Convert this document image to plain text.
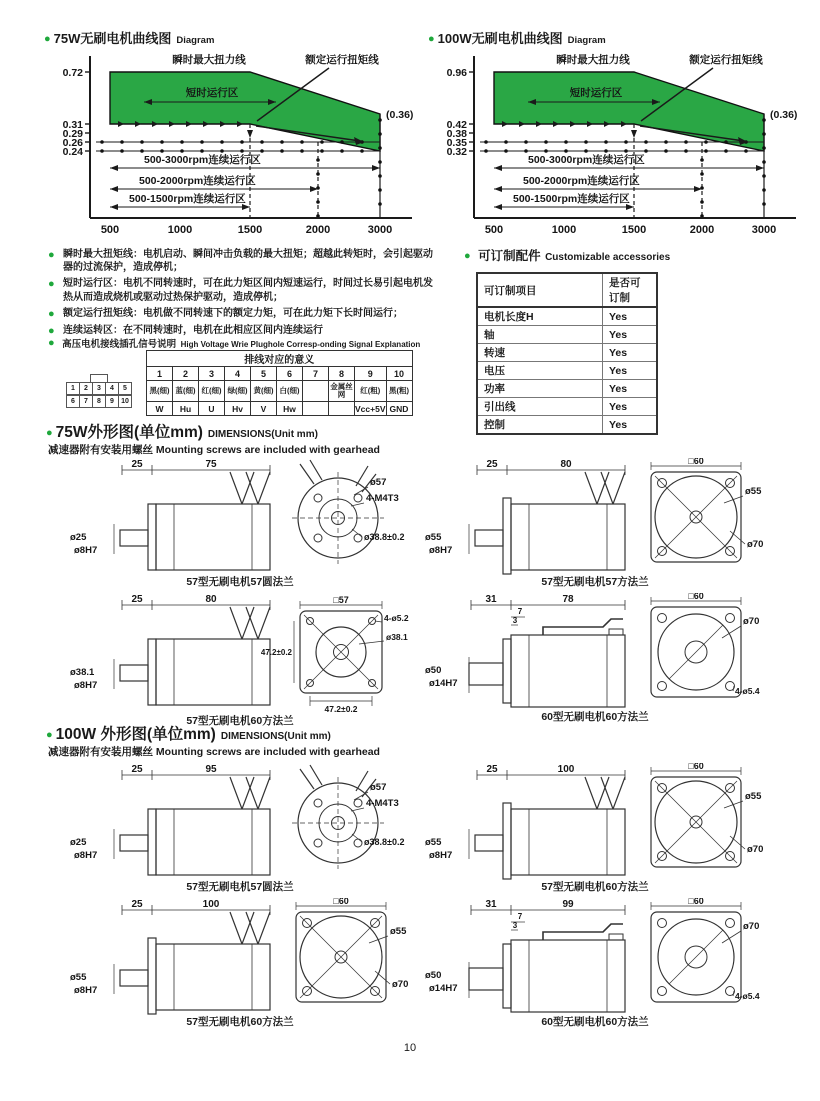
● 75W无刷电机曲线图 Diagram
500-3000rpm连续运行区
500-2000rpm连续运行区
500-1500rpm连续运行区
0.72
0.31
0.29
0.26
0.24
500	1000	1500	2000	3000
瞬时最大扭力线
短时运行区
额定运行扭矩线
(0.36)
● 100W无刷电机曲线图 Diagram
500-3000rpm连续运行区
500-2000rpm连续运行区
500-1500rpm连续运行区
0.96
0.42
0.38
0.35
0.32
500	1000	1500	2000	3000
瞬时最大扭力线
短时运行区
额定运行扭矩线
(0.36)
● 瞬时最大扭矩线：电机启动、瞬间冲击负载的最大扭矩；超越此转矩时，会引起驱动器的过流保护，造成停机；
● 短时运行区：电机不同转速时，可在此力矩区间内短速运行，时间过长易引起电机发热从而造成烧机或驱动过热保护驱动，造成停机；
● 额定运行扭矩线：电机做不同转速下的额定力矩，可在此力矩下长时间运行；
● 连续运转区：在不同转速时，电机在此相应区间内连续运行
● 高压电机接线插孔信号说明 High Voltage Wrie Plughole Corresp-onding Signal Explanation
1	2	3	4	5
6	7	8	9	10
排线对应的意义									
1	2	3	4	5	6	7	8	9	10
黑(细)	蓝(细)	红(细)	绿(细)	黄(细)	白(细)		金属丝网	红(粗)	黑(粗)
W	Hu	U	Hv	V	Hw			Vcc+5V	GND
● 可订制配件 Customizable accessories
可订制项目	是否可订制
电机长度H	Yes
轴	Yes
转速	Yes
电压	Yes
功率	Yes
引出线	Yes
控制	Yes
● 75W外形图(单位mm) DIMENSIONS(Unit mm)
减速器附有安装用螺丝 Mounting screws are included with gearhead
25	75
ø25
ø8H7
ø57
4-M4T3
ø38.8±0.2
57型无刷电机57圆法兰
25	80
ø55
ø8H7
□60
ø55
ø70
57型无刷电机57方法兰
25	80
ø38.1
ø8H7
□57
4-ø5.2
ø38.1
47.2±0.2
47.2±0.2
57型无刷电机60方法兰
31	78
7
3
ø50
ø14H7
□60
ø70
4-ø5.4
60型无刷电机60方法兰
● 100W 外形图(单位mm) DIMENSIONS(Unit mm)
减速器附有安装用螺丝 Mounting screws are included with gearhead
25	95
ø25
ø8H7
ø57
4-M4T3
ø38.8±0.2
57型无刷电机57圆法兰
25	100
ø55
ø8H7
□60
ø55
ø70
57型无刷电机60方法兰
25	100
ø55
ø8H7
□60
ø55
ø70
57型无刷电机60方法兰
31	99
7
3
ø50
ø14H7
□60
ø70
4-ø5.4
60型无刷电机60方法兰
10
